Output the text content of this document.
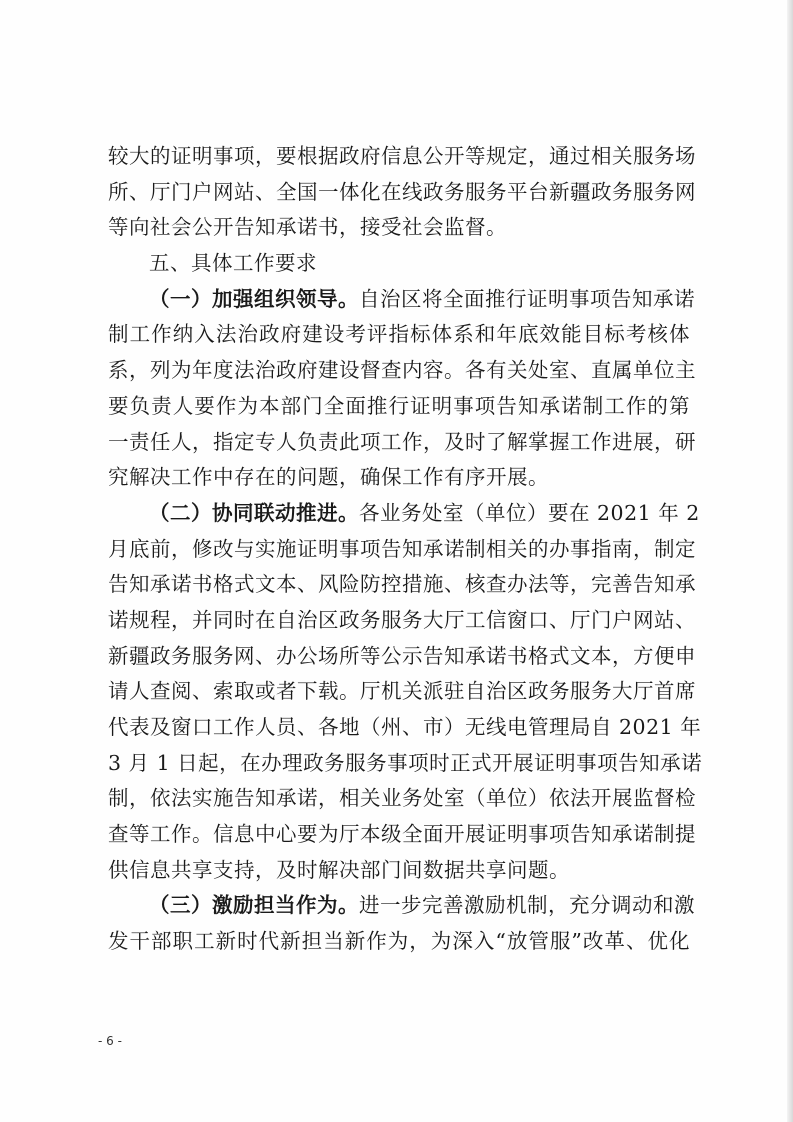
较大的证明事项，要根据政府信息公开等规定，通过相关服务场
所、厅门户网站、全国一体化在线政务服务平台新疆政务服务网
等向社会公开告知承诺书，接受社会监督。
五、具体工作要求
（一）加强组织领导。自治区将全面推行证明事项告知承诺
制工作纳入法治政府建设考评指标体系和年底效能目标考核体
系，列为年度法治政府建设督查内容。各有关处室、直属单位主
要负责人要作为本部门全面推行证明事项告知承诺制工作的第
一责任人，指定专人负责此项工作，及时了解掌握工作进展，研
究解决工作中存在的问题，确保工作有序开展。
（二）协同联动推进。各业务处室（单位）要在 2021 年 2
月底前，修改与实施证明事项告知承诺制相关的办事指南，制定
告知承诺书格式文本、风险防控措施、核查办法等，完善告知承
诺规程，并同时在自治区政务服务大厅工信窗口、厅门户网站、
新疆政务服务网、办公场所等公示告知承诺书格式文本，方便申
请人查阅、索取或者下载。厅机关派驻自治区政务服务大厅首席
代表及窗口工作人员、各地（州、市）无线电管理局自 2021 年
3 月 1 日起，在办理政务服务事项时正式开展证明事项告知承诺
制，依法实施告知承诺，相关业务处室（单位）依法开展监督检
查等工作。信息中心要为厅本级全面开展证明事项告知承诺制提
供信息共享支持，及时解决部门间数据共享问题。
（三）激励担当作为。进一步完善激励机制，充分调动和激
发干部职工新时代新担当新作为，为深入“放管服”改革、优化
- 6 -
